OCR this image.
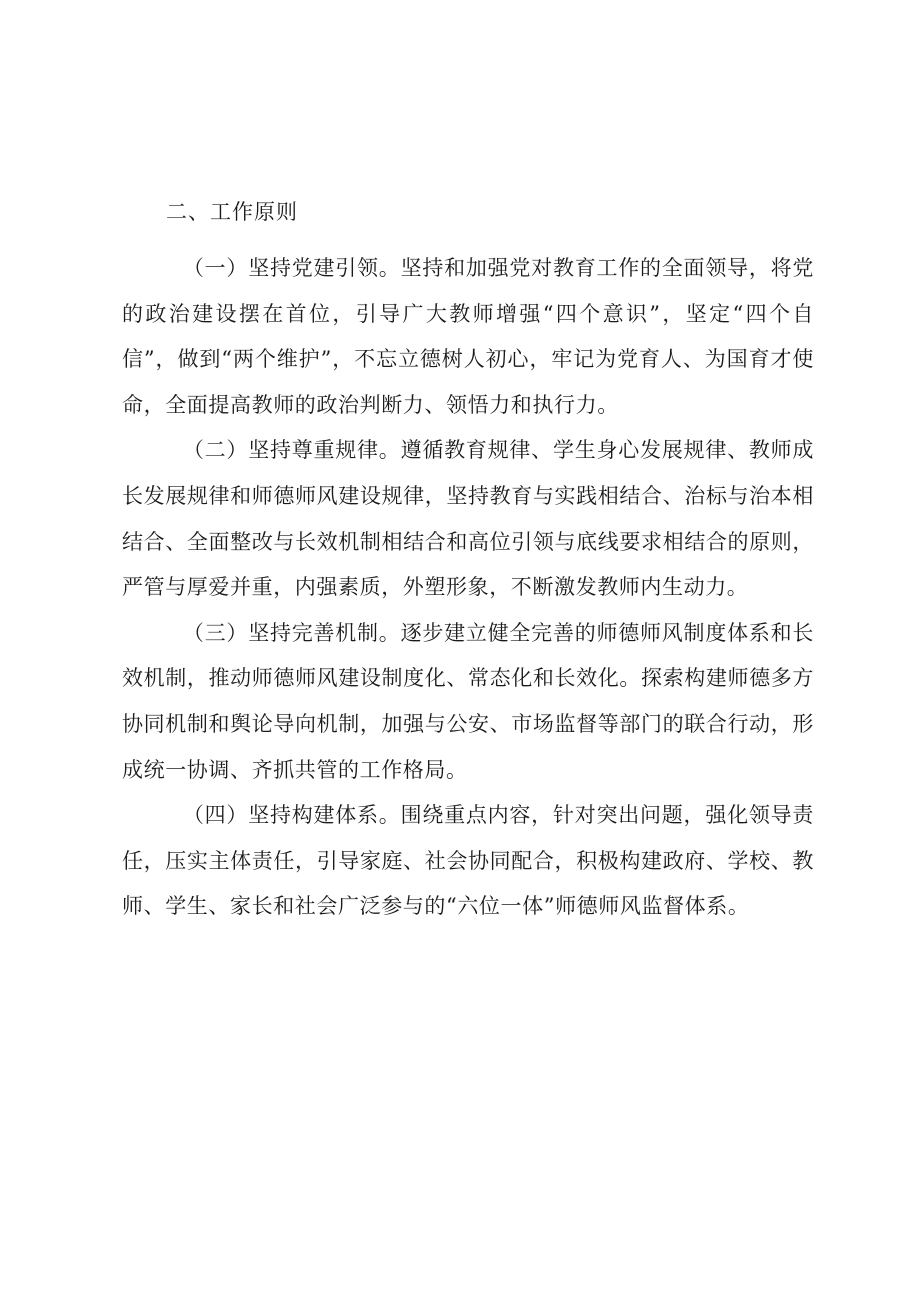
二、工作原则

（一）坚持党建引领。坚持和加强党对教育工作的全面领导，将党的政治建设摆在首位，引导广大教师增强“四个意识”，坚定“四个自信”，做到“两个维护”，不忘立德树人初心，牢记为党育人、为国育才使命，全面提高教师的政治判断力、领悟力和执行力。

（二）坚持尊重规律。遵循教育规律、学生身心发展规律、教师成长发展规律和师德师风建设规律，坚持教育与实践相结合、治标与治本相结合、全面整改与长效机制相结合和高位引领与底线要求相结合的原则，严管与厚爱并重，内强素质，外塑形象，不断激发教师内生动力。

（三）坚持完善机制。逐步建立健全完善的师德师风制度体系和长效机制，推动师德师风建设制度化、常态化和长效化。探索构建师德多方协同机制和舆论导向机制，加强与公安、市场监督等部门的联合行动，形成统一协调、齐抓共管的工作格局。

（四）坚持构建体系。围绕重点内容，针对突出问题，强化领导责任，压实主体责任，引导家庭、社会协同配合，积极构建政府、学校、教师、学生、家长和社会广泛参与的“六位一体”师德师风监督体系。
